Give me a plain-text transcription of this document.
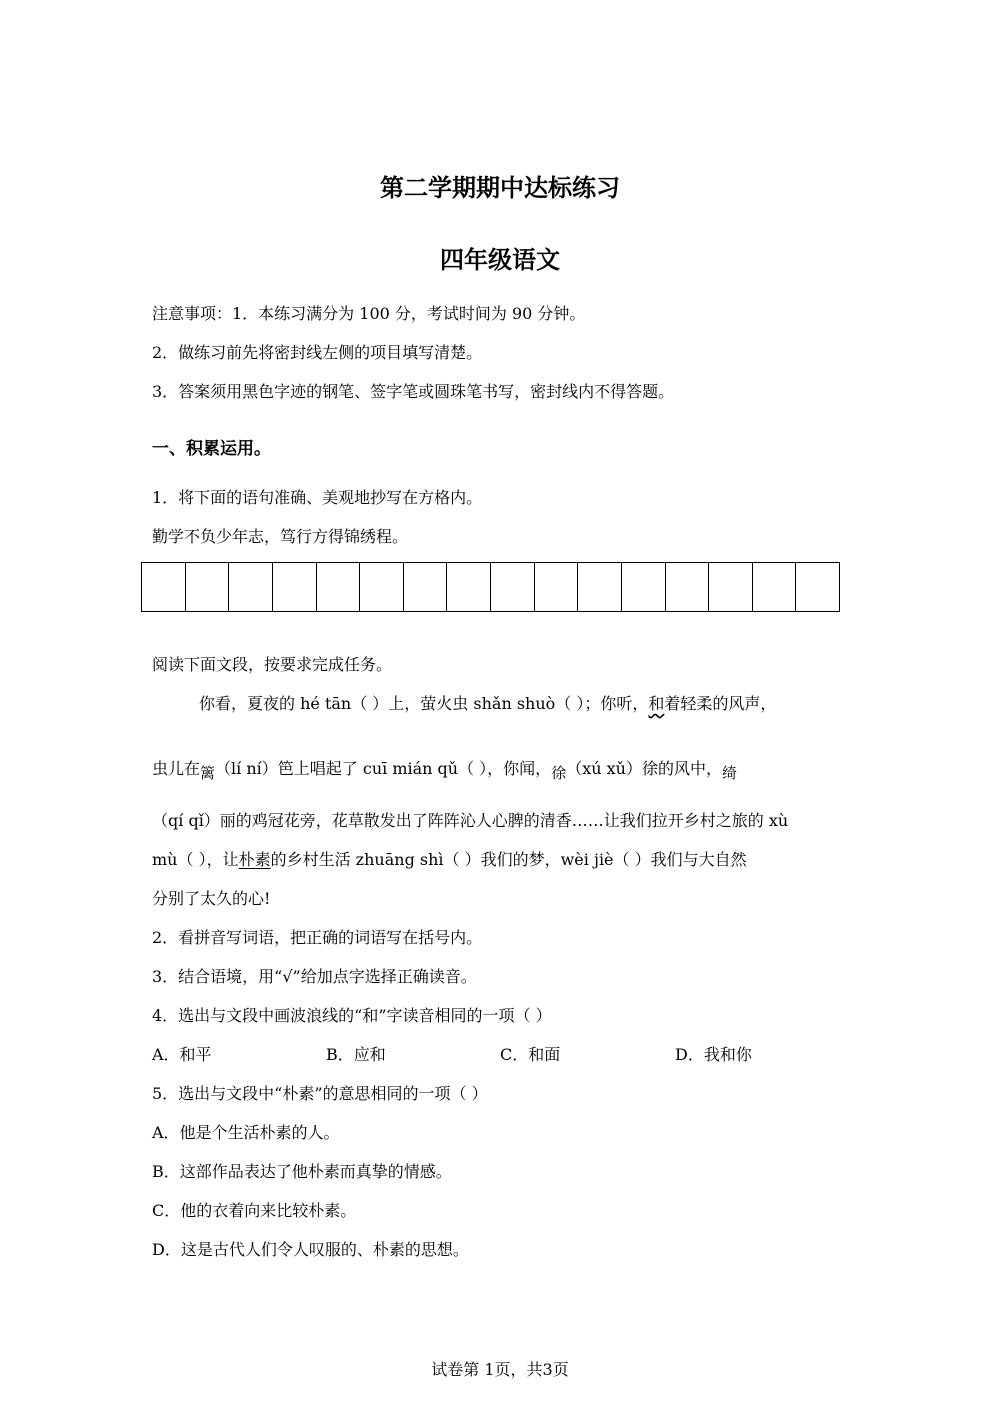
第二学期期中达标练习
四年级语文
注意事项：1．本练习满分为 100 分，考试时间为 90 分钟。
2．做练习前先将密封线左侧的项目填写清楚。
3．答案须用黑色字迹的钢笔、签字笔或圆珠笔书写，密封线内不得答题。
一、积累运用。
1．将下面的语句准确、美观地抄写在方格内。
勤学不负少年志，笃行方得锦绣程。
阅读下面文段，按要求完成任务。
你看，夏夜的 hé tān（ ）上，萤火虫 shǎn shuò（ ）；你听，和着轻柔的风声，
虫儿在篱（lí ní）笆上唱起了 cuī mián qǔ（ ），你闻，徐（xú xǔ）徐的风中，绮
（qí qǐ）丽的鸡冠花旁，花草散发出了阵阵沁人心脾的清香……让我们拉开乡村之旅的 xù
mù（ ），让朴素的乡村生活 zhuāng shì（ ）我们的梦，wèi jiè（ ）我们与大自然
分别了太久的心!
2．看拼音写词语，把正确的词语写在括号内。
3．结合语境，用“√”给加点字选择正确读音。
4．选出与文段中画波浪线的“和”字读音相同的一项（ ）
A．和平	B．应和	C．和面	D．我和你
5．选出与文段中“朴素”的意思相同的一项（ ）
A．他是个生活朴素的人。
B．这部作品表达了他朴素而真挚的情感。
C．他的衣着向来比较朴素。
D．这是古代人们令人叹服的、朴素的思想。
试卷第 1页，共3页
